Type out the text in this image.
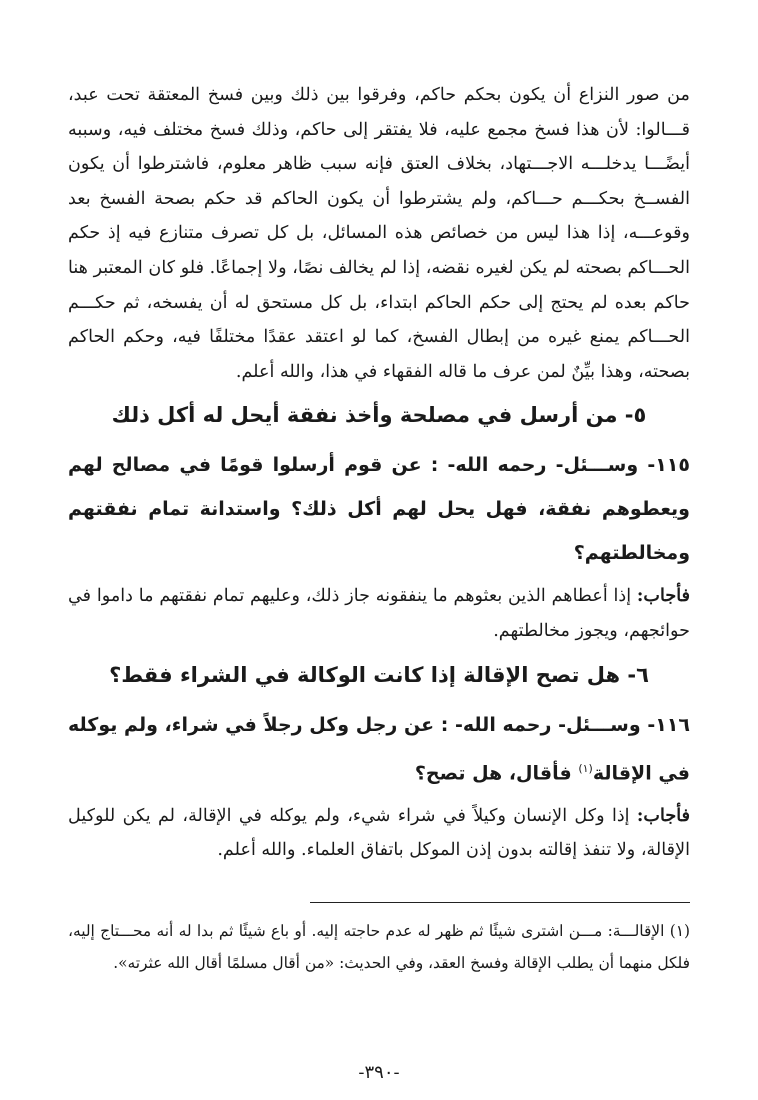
من صور النزاع أن يكون بحكم حاكم، وفرقوا بين ذلك وبين فسخ المعتقة تحت عبد، قـــالوا: لأن هذا فسخ مجمع عليه، فلا يفتقر إلى حاكم، وذلك فسخ مختلف فيه، وسببه أيضًـــا يدخلـــه الاجـــتهاد، بخلاف العتق فإنه سبب ظاهر معلوم، فاشترطوا أن يكون الفســخ بحكـــم حـــاكم، ولم يشترطوا أن يكون الحاكم قد حكم بصحة الفسخ بعد وقوعـــه، إذا هذا ليس من خصائص هذه المسائل، بل كل تصرف متنازع فيه إذ حكم الحـــاكم بصحته لم يكن لغيره نقضه، إذا لم يخالف نصًا، ولا إجماعًا. فلو كان المعتبر هنا حاكم بعده لم يحتج إلى حكم الحاكم ابتداء، بل كل مستحق له أن يفسخه، ثم حكـــم الحـــاكم يمنع غيره من إبطال الفسخ، كما لو اعتقد عقدًا مختلفًا فيه، وحكم الحاكم بصحته، وهذا بيِّنٌ لمن عرف ما قاله الفقهاء في هذا، والله أعلم.

٥- من أرسل في مصلحة وأخذ نفقة أيحل له أكل ذلك

١١٥- وســـئل- رحمه الله- : عن قوم أرسلوا قومًا في مصالح لهم ويعطوهم نفقة، فهل يحل لهم أكل ذلك؟ واستدانة تمام نفقتهم ومخالطتهم؟

فأجاب: إذا أعطاهم الذين بعثوهم ما ينفقونه جاز ذلك، وعليهم تمام نفقتهم ما داموا في حوائجهم، ويجوز مخالطتهم.

٦- هل تصح الإقالة إذا كانت الوكالة في الشراء فقط؟

١١٦- وســـئل- رحمه الله- : عن رجل وكل رجلاً في شراء، ولم يوكله في الإقالة$^{(١)}$ فأقال، هل تصح؟

فأجاب: إذا وكل الإنسان وكيلاً في شراء شيء، ولم يوكله في الإقالة، لم يكن للوكيل الإقالة، ولا تنفذ إقالته بدون إذن الموكل باتفاق العلماء. والله أعلم.

(١) الإقالـــة: مـــن اشترى شيئًا ثم ظهر له عدم حاجته إليه. أو باع شيئًا ثم بدا له أنه محـــتاج إليه، فلكل منهما أن يطلب الإقالة وفسخ العقد، وفي الحديث: «من أقال مسلمًا أقال الله عثرته».

-٣٩٠-
